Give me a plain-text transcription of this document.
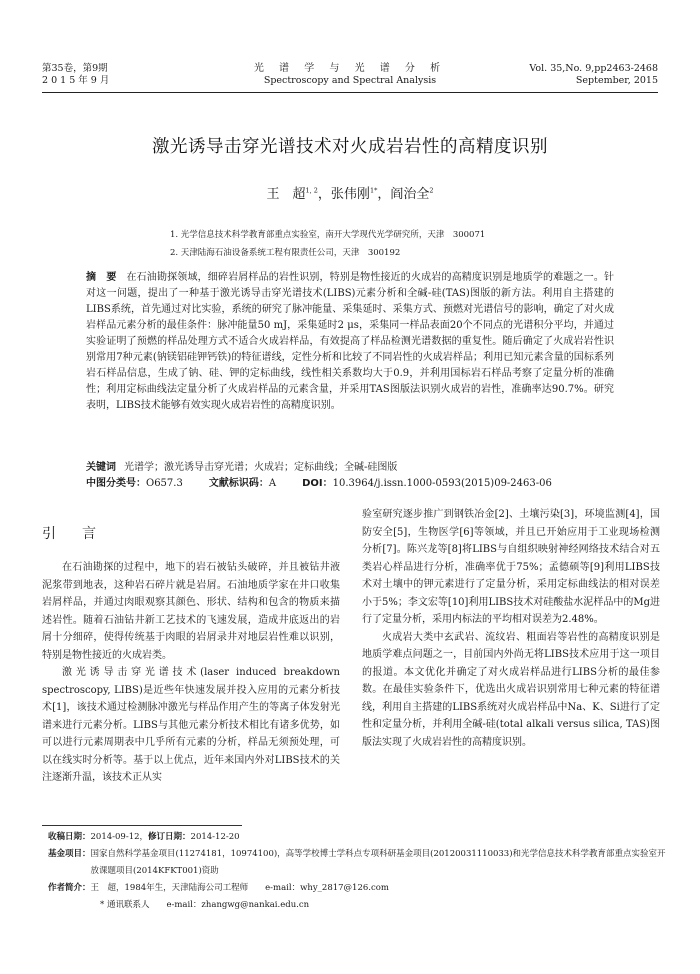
第35卷，第9期
2 0 1 5 年 9 月
光 谱 学 与 光 谱 分 析
Spectroscopy and Spectral Analysis
Vol. 35,No. 9,pp2463-2468
September, 2015
激光诱导击穿光谱技术对火成岩岩性的高精度识别
王　超$^{1, 2}$，张伟刚$^{1*}$，阎治全$^2$
1. 光学信息技术科学教育部重点实验室，南开大学现代光学研究所，天津　300071
2. 天津陆海石油设备系统工程有限责任公司，天津　300192
摘　要 在石油勘探领域，细碎岩屑样品的岩性识别，特别是物性接近的火成岩的高精度识别是地质学的难题之一。针对这一问题，提出了一种基于激光诱导击穿光谱技术(LIBS)元素分析和全碱-硅(TAS)图版的新方法。利用自主搭建的LIBS系统，首先通过对比实验，系统的研究了脉冲能量、采集延时、采集方式、预燃对光谱信号的影响，确定了对火成岩样品元素分析的最佳条件：脉冲能量50 mJ，采集延时2 μs，采集同一样品表面20个不同点的光谱积分平均，并通过实验证明了预燃的样品处理方式不适合火成岩样品，有效提高了样品检测光谱数据的重复性。随后确定了火成岩岩性识别常用7种元素(钠镁铝硅钾钙铁)的特征谱线，定性分析和比较了不同岩性的火成岩样品；利用已知元素含量的国标系列岩石样品信息，生成了钠、硅、钾的定标曲线，线性相关系数均大于0.9，并利用国标岩石样品考察了定量分析的准确性；利用定标曲线法定量分析了火成岩样品的元素含量，并采用TAS图版法识别火成岩的岩性，准确率达90.7%。研究表明，LIBS技术能够有效实现火成岩岩性的高精度识别。
关键词 光谱学；激光诱导击穿光谱；火成岩；定标曲线；全碱-硅图版
中图分类号：O657.3	文献标识码：A	DOI：10.3964/j.issn.1000-0593(2015)09-2463-06
引　言

在石油勘探的过程中，地下的岩石被钻头破碎，并且被钻井液泥浆带到地表，这种岩石碎片就是岩屑。石油地质学家在井口收集岩屑样品，并通过肉眼观察其颜色、形状、结构和包含的物质来描述岩性。随着石油钻井新工艺技术的飞速发展，造成井底返出的岩屑十分细碎，使得传统基于肉眼的岩屑录井对地层岩性难以识别，特别是物性接近的火成岩类。

激光诱导击穿光谱技术(laser induced breakdown spectroscopy, LIBS)是近些年快速发展并投入应用的元素分析技术[1]，该技术通过检测脉冲激光与样品作用产生的等离子体发射光谱来进行元素分析。LIBS与其他元素分析技术相比有诸多优势，如可以进行元素周期表中几乎所有元素的分析，样品无须预处理，可以在线实时分析等。基于以上优点，近年来国内外对LIBS技术的关注逐渐升温，该技术正从实

验室研究逐步推广到钢铁冶金[2]、土壤污染[3]，环境监测[4]，国防安全[5]，生物医学[6]等领域，并且已开始应用于工业现场检测分析[7]。陈兴龙等[8]将LIBS与自组织映射神经网络技术结合对五类岩心样品进行分析，准确率优于75%；孟德硕等[9]利用LIBS技术对土壤中的钾元素进行了定量分析，采用定标曲线法的相对误差小于5%；李文宏等[10]利用LIBS技术对硅酸盐水泥样品中的Mg进行了定量分析，采用内标法的平均相对误差为2.48%。

火成岩大类中玄武岩、流纹岩、粗面岩等岩性的高精度识别是地质学难点问题之一，目前国内外尚无将LIBS技术应用于这一项目的报道。本文优化并确定了对火成岩样品进行LIBS分析的最佳参数。在最佳实验条件下，优选出火成岩识别常用七种元素的特征谱线，利用自主搭建的LIBS系统对火成岩样品中Na、K、Si进行了定性和定量分析，并利用全碱-硅(total alkali versus silica, TAS)图版法实现了火成岩岩性的高精度识别。

收稿日期： 2014-09-12， 修订日期： 2014-12-20
基金项目： 国家自然科学基金项目(11274181，10974100)，高等学校博士学科点专项科研基金项目(20120031110033)和光学信息技术科学教育部重点实验室开放课题项目(2014KFKT001)资助
作者简介： 王　超，1984年生，天津陆海公司工程师　　e-mail：why_2817@126.com
* 通讯联系人　　e-mail：zhangwg@nankai.edu.cn
